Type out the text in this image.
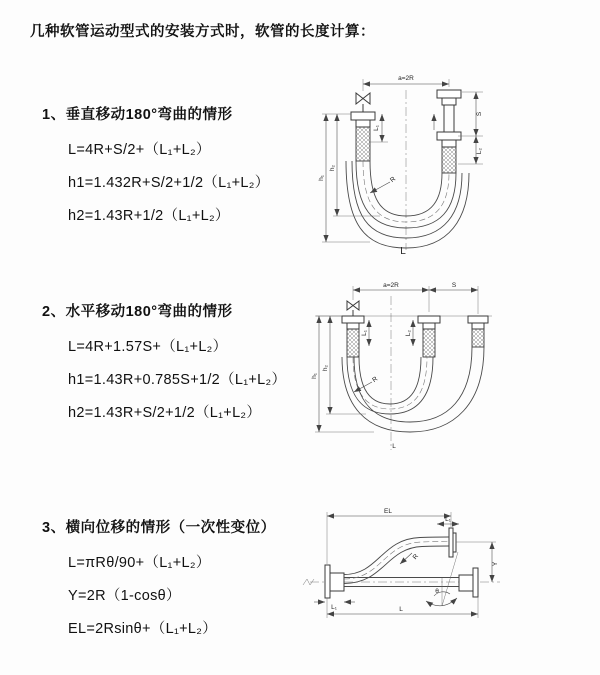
几种软管运动型式的安装方式时，软管的长度计算：
1、垂直移动180°弯曲的情形
L=4R+S/2+（L₁+L₂）
h1=1.432R+S/2+1/2（L₁+L₂）
h2=1.43R+1/2（L₁+L₂）
2、水平移动180°弯曲的情形
L=4R+1.57S+（L₁+L₂）
h1=1.43R+0.785S+1/2（L₁+L₂）
h2=1.43R+S/2+1/2（L₁+L₂）
3、横向位移的情形（一次性变位）
L=πRθ/90+（L₁+L₂）
Y=2R（1-cosθ）
EL=2Rsinθ+（L₁+L₂）
a=2R
h₁
h₂
L₁
S
L₂
R
L
a=2R	S
h₁
h₂
L₁	L₂
R
L
EL
L₁
Y
R
θ
L
L₁
